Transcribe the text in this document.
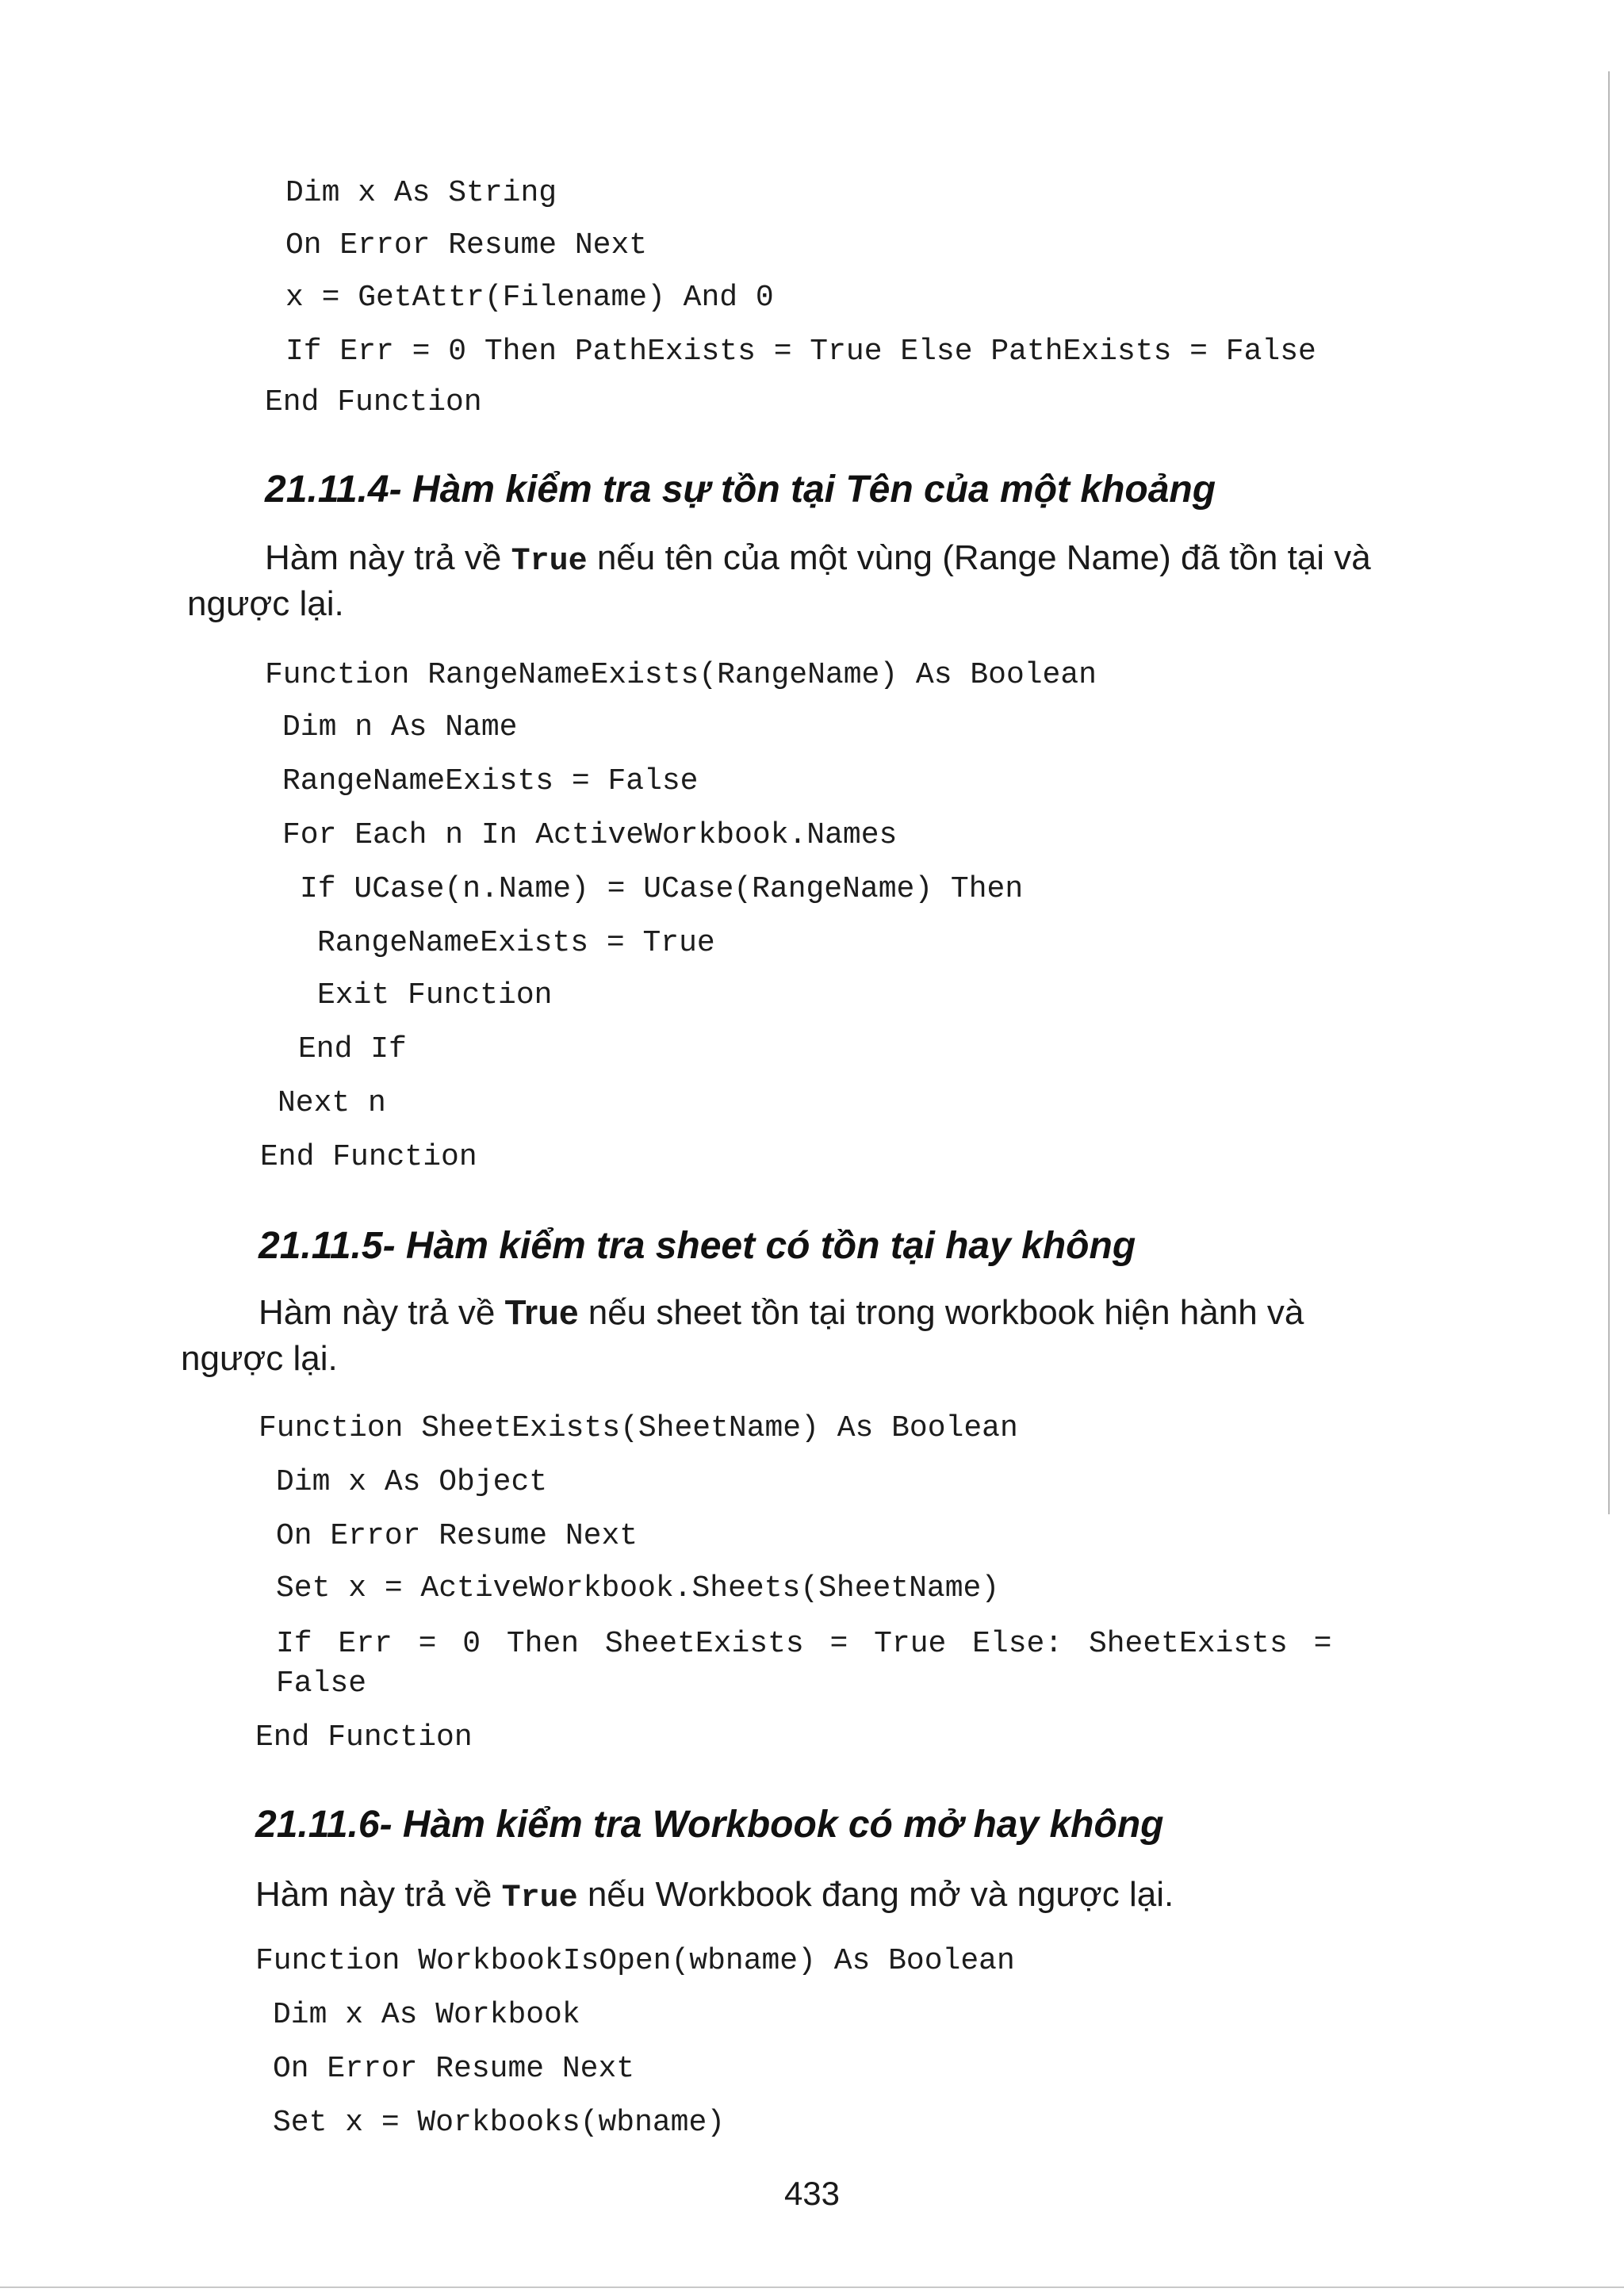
Dim x As String
On Error Resume Next
x = GetAttr(Filename) And 0
If Err = 0 Then PathExists = True Else PathExists = False
End Function
21.11.4- Hàm kiểm tra sự tồn tại Tên của một khoảng
Hàm này trả về True nếu tên của một vùng (Range Name) đã tồn tại và
ngược lại.
Function RangeNameExists(RangeName) As Boolean
Dim n As Name
RangeNameExists = False
For Each n In ActiveWorkbook.Names
If UCase(n.Name) = UCase(RangeName) Then
RangeNameExists = True
Exit Function
End If
Next n
End Function
21.11.5- Hàm kiểm tra sheet có tồn tại hay không
Hàm này trả về True nếu sheet tồn tại trong workbook hiện hành và
ngược lại.
Function SheetExists(SheetName) As Boolean
Dim x As Object
On Error Resume Next
Set x = ActiveWorkbook.Sheets(SheetName)
If Err = 0 Then SheetExists = True Else: SheetExists =
False
End Function
21.11.6- Hàm kiểm tra Workbook có mở hay không
Hàm này trả về True nếu Workbook đang mở và ngược lại.
Function WorkbookIsOpen(wbname) As Boolean
Dim x As Workbook
On Error Resume Next
Set x = Workbooks(wbname)
433
